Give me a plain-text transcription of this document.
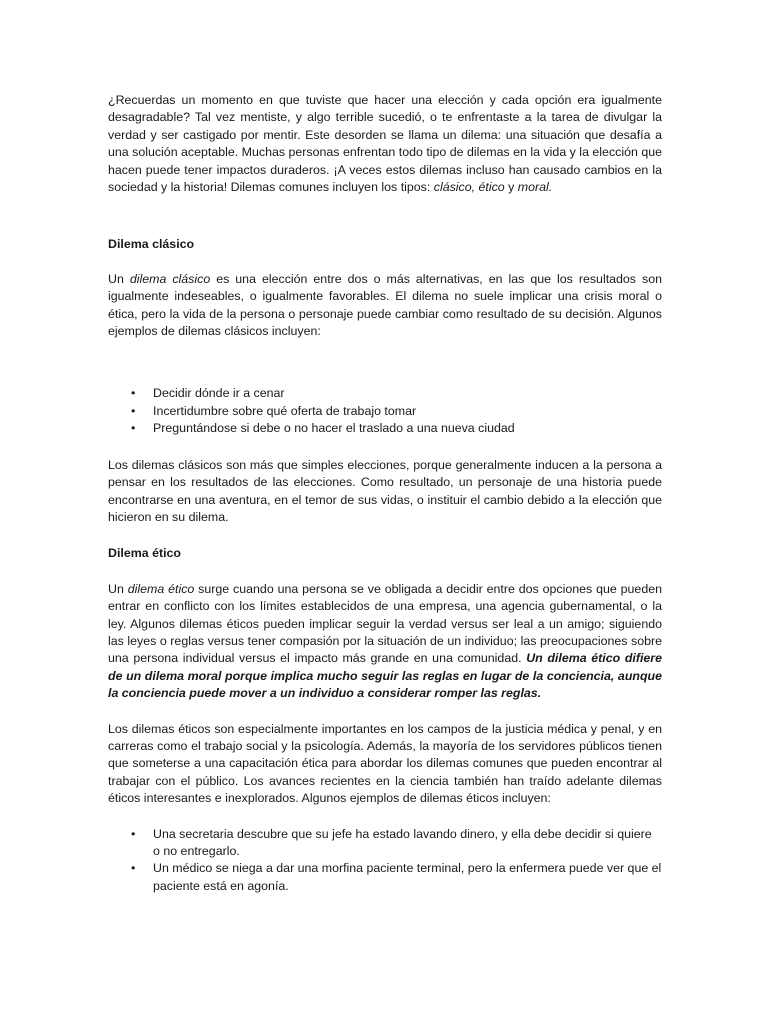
¿Recuerdas un momento en que tuviste que hacer una elección y cada opción era igualmente desagradable? Tal vez mentiste, y algo terrible sucedió, o te enfrentaste a la tarea de divulgar la verdad y ser castigado por mentir. Este desorden se llama un dilema: una situación que desafía a una solución aceptable. Muchas personas enfrentan todo tipo de dilemas en la vida y la elección que hacen puede tener impactos duraderos. ¡A veces estos dilemas incluso han causado cambios en la sociedad y la historia! Dilemas comunes incluyen los tipos: clásico, ético y moral.

Dilema clásico

Un dilema clásico es una elección entre dos o más alternativas, en las que los resultados son igualmente indeseables, o igualmente favorables. El dilema no suele implicar una crisis moral o ética, pero la vida de la persona o personaje puede cambiar como resultado de su decisión. Algunos ejemplos de dilemas clásicos incluyen:

• Decidir dónde ir a cenar
• Incertidumbre sobre qué oferta de trabajo tomar
• Preguntándose si debe o no hacer el traslado a una nueva ciudad

Los dilemas clásicos son más que simples elecciones, porque generalmente inducen a la persona a pensar en los resultados de las elecciones. Como resultado, un personaje de una historia puede encontrarse en una aventura, en el temor de sus vidas, o instituir el cambio debido a la elección que hicieron en su dilema.

Dilema ético

Un dilema ético surge cuando una persona se ve obligada a decidir entre dos opciones que pueden entrar en conflicto con los límites establecidos de una empresa, una agencia gubernamental, o la ley. Algunos dilemas éticos pueden implicar seguir la verdad versus ser leal a un amigo; siguiendo las leyes o reglas versus tener compasión por la situación de un individuo; las preocupaciones sobre una persona individual versus el impacto más grande en una comunidad. Un dilema ético difiere de un dilema moral porque implica mucho seguir las reglas en lugar de la conciencia, aunque la conciencia puede mover a un individuo a considerar romper las reglas.

Los dilemas éticos son especialmente importantes en los campos de la justicia médica y penal, y en carreras como el trabajo social y la psicología. Además, la mayoría de los servidores públicos tienen que someterse a una capacitación ética para abordar los dilemas comunes que pueden encontrar al trabajar con el público. Los avances recientes en la ciencia también han traído adelante dilemas éticos interesantes e inexplorados. Algunos ejemplos de dilemas éticos incluyen:

• Una secretaria descubre que su jefe ha estado lavando dinero, y ella debe decidir si quiere o no entregarlo.
• Un médico se niega a dar una morfina paciente terminal, pero la enfermera puede ver que el paciente está en agonía.
